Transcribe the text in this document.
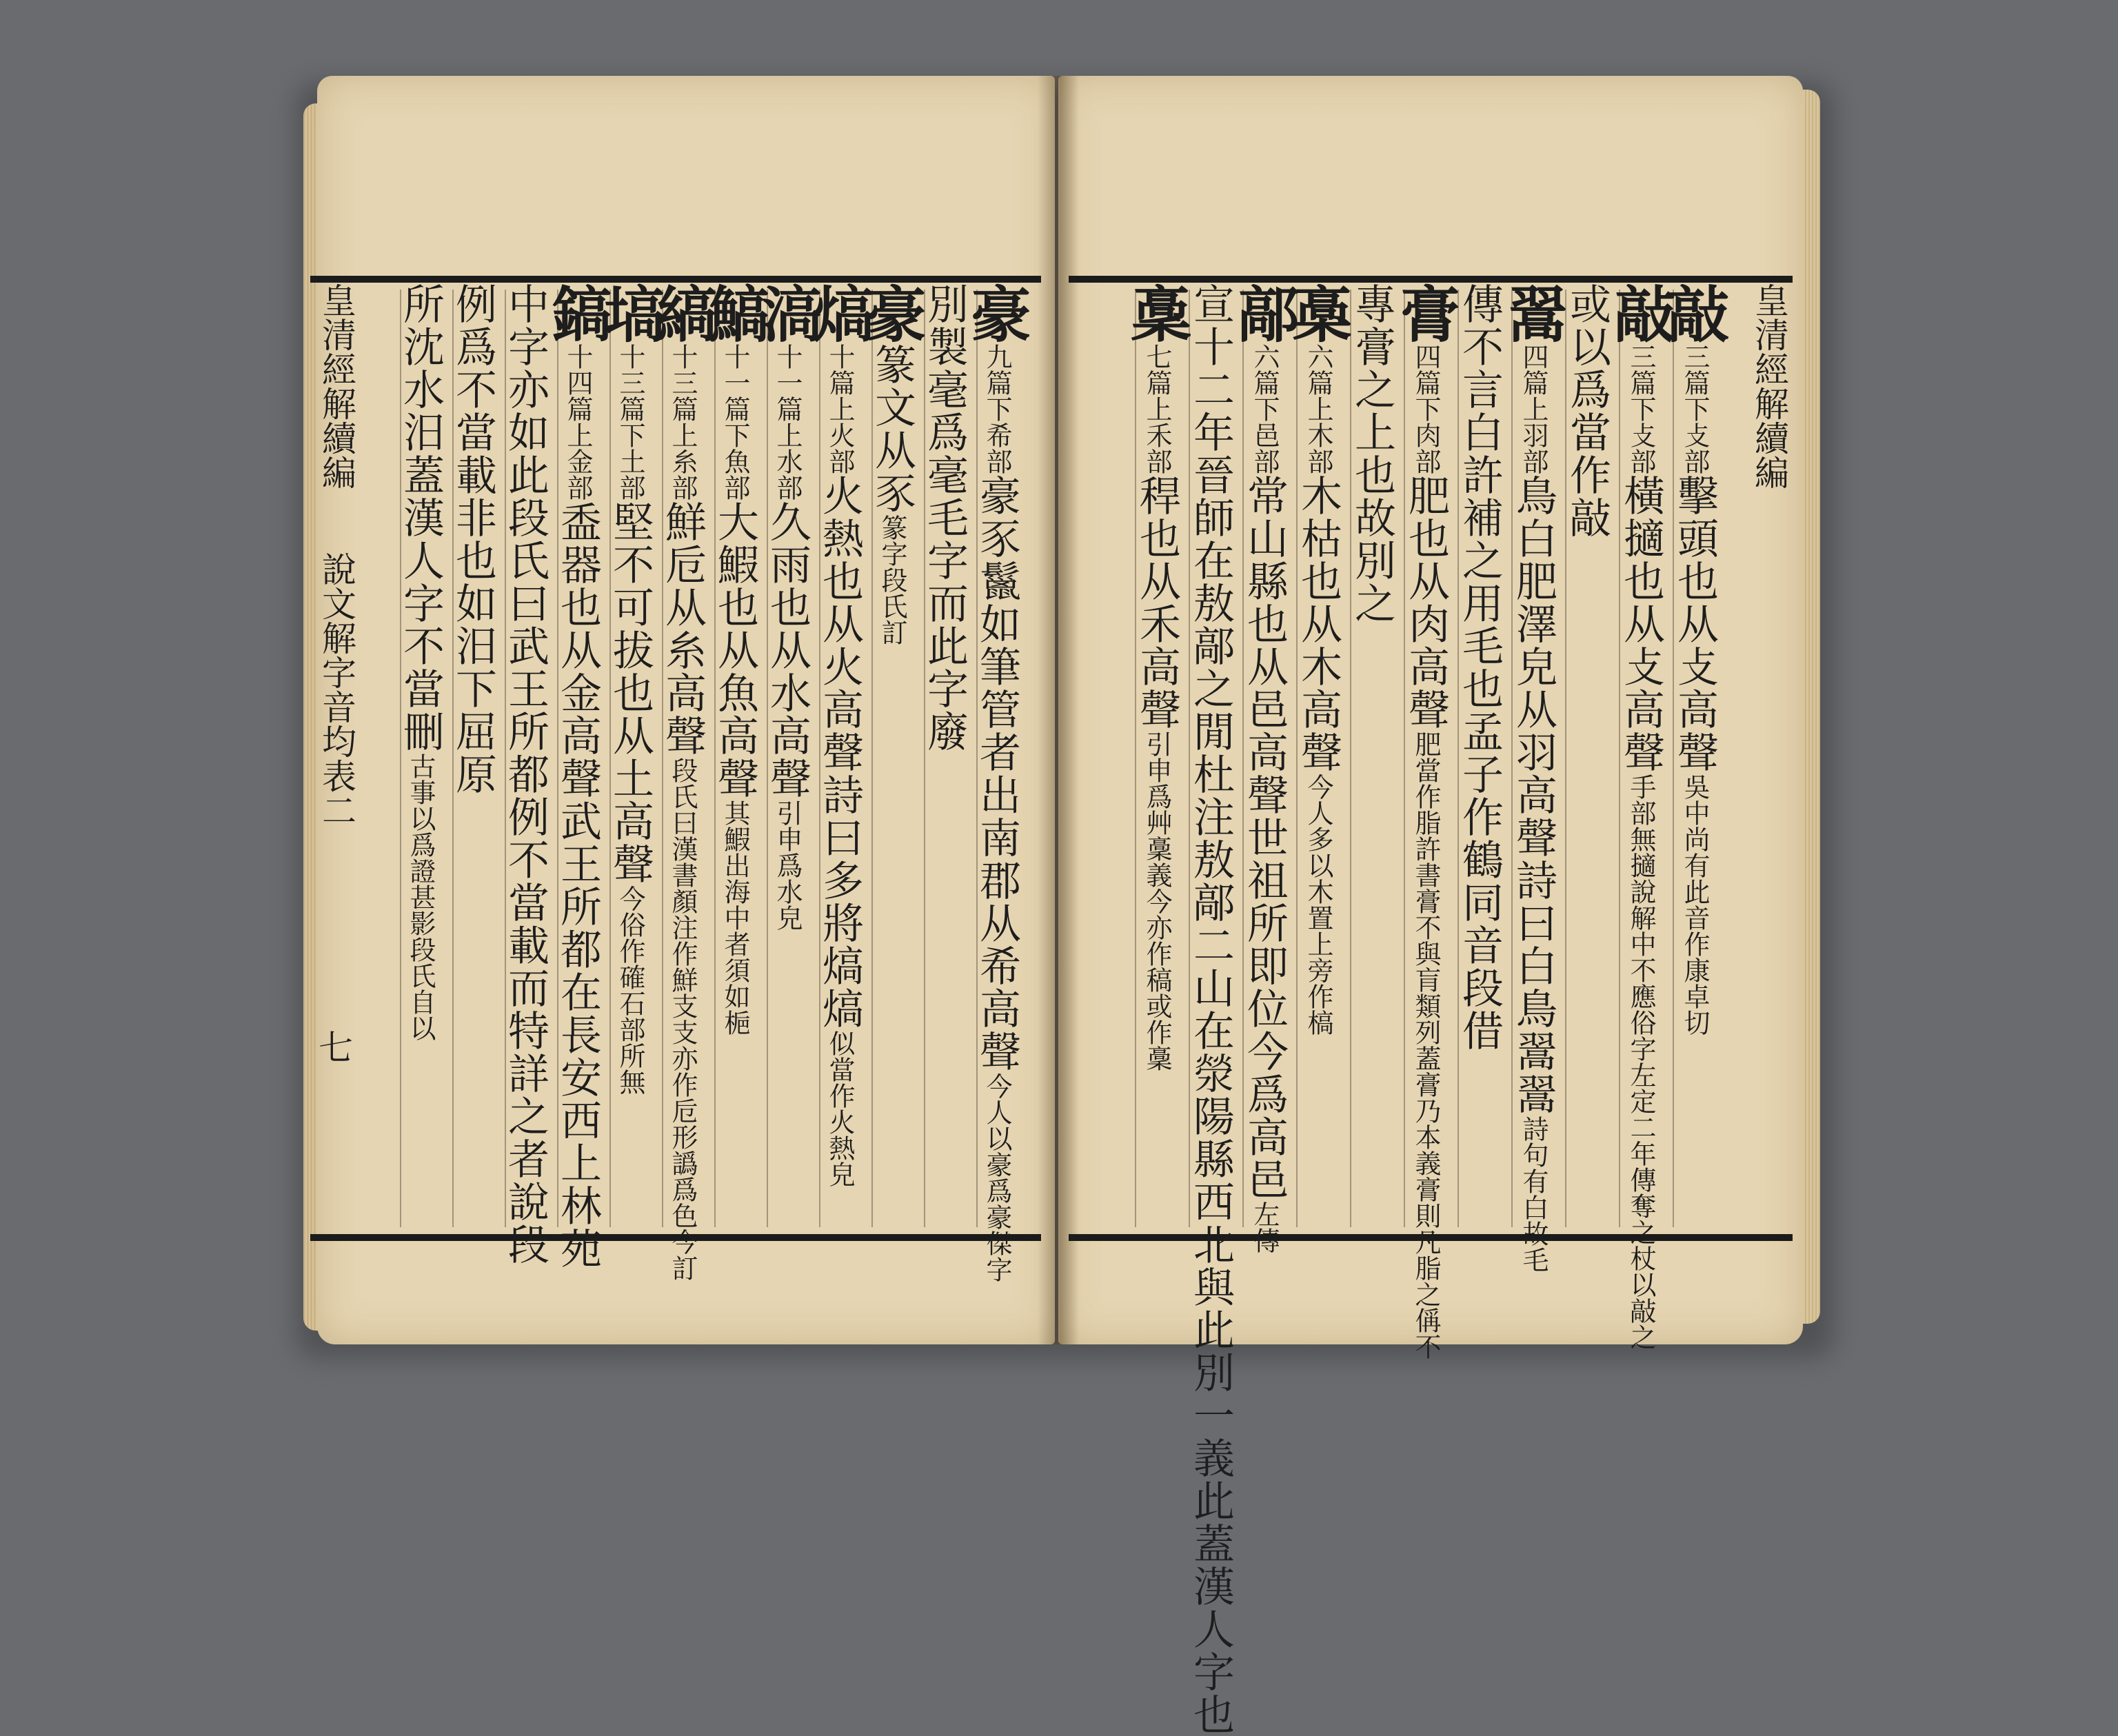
皇清經解續編
皇清經解續編
說文解字音均表二
七
敲三篇下攴部擊頭也从攴高聲吳中尚有此音作康卓切
敲三篇下攴部橫擿也从攴高聲手部無擿說解中不應俗字左定二年傳奪之杖以敲之
或以爲當作敲
翯四篇上羽部鳥白肥澤皃从羽高聲詩曰白鳥翯翯詩句有白故毛
傳不言白許補之用毛也孟子作鶴同音段借
膏四篇下肉部肥也从肉高聲肥當作脂許書膏不與肓類列蓋膏乃本義膏則凡脂之偁不
專膏之上也故別之
槀六篇上木部木枯也从木高聲今人多以木置上旁作槁
鄗六篇下邑部常山縣也从邑高聲世祖所即位今爲高邑左傳
宣十二年晉師在敖鄗之閒杜注敖鄗二山在滎陽縣西北與此別一義此蓋漢人字也
稾七篇上禾部稈也从禾高聲引申爲艸稾義今亦作稿或作稾
豪九篇下希部豪豕鬣如筆管者出南郡从希高聲今人以豪爲豪傑字
別製毫爲毫毛字而此字廢
豪篆文从豕篆字段氏訂
熇十篇上火部火熱也从火高聲詩曰多將熇熇似當作火熱皃
滈十一篇上水部久雨也从水高聲引申爲水皃
鰝十一篇下魚部大鰕也从魚高聲其鰕出海中者須如梔
縞十三篇上糸部鮮卮从糸高聲段氏曰漢書顏注作鮮支支亦作卮形譌爲色今訂
塙十三篇下土部堅不可拔也从土高聲今俗作確石部所無
鎬十四篇上金部盉器也从金高聲武王所都在長安西上林苑
中字亦如此段氏曰武王所都例不當載而特詳之者說段
例爲不當載非也如汨下屈原
所沈水汨蓋漢人字不當刪古事以爲證甚影段氏自以
